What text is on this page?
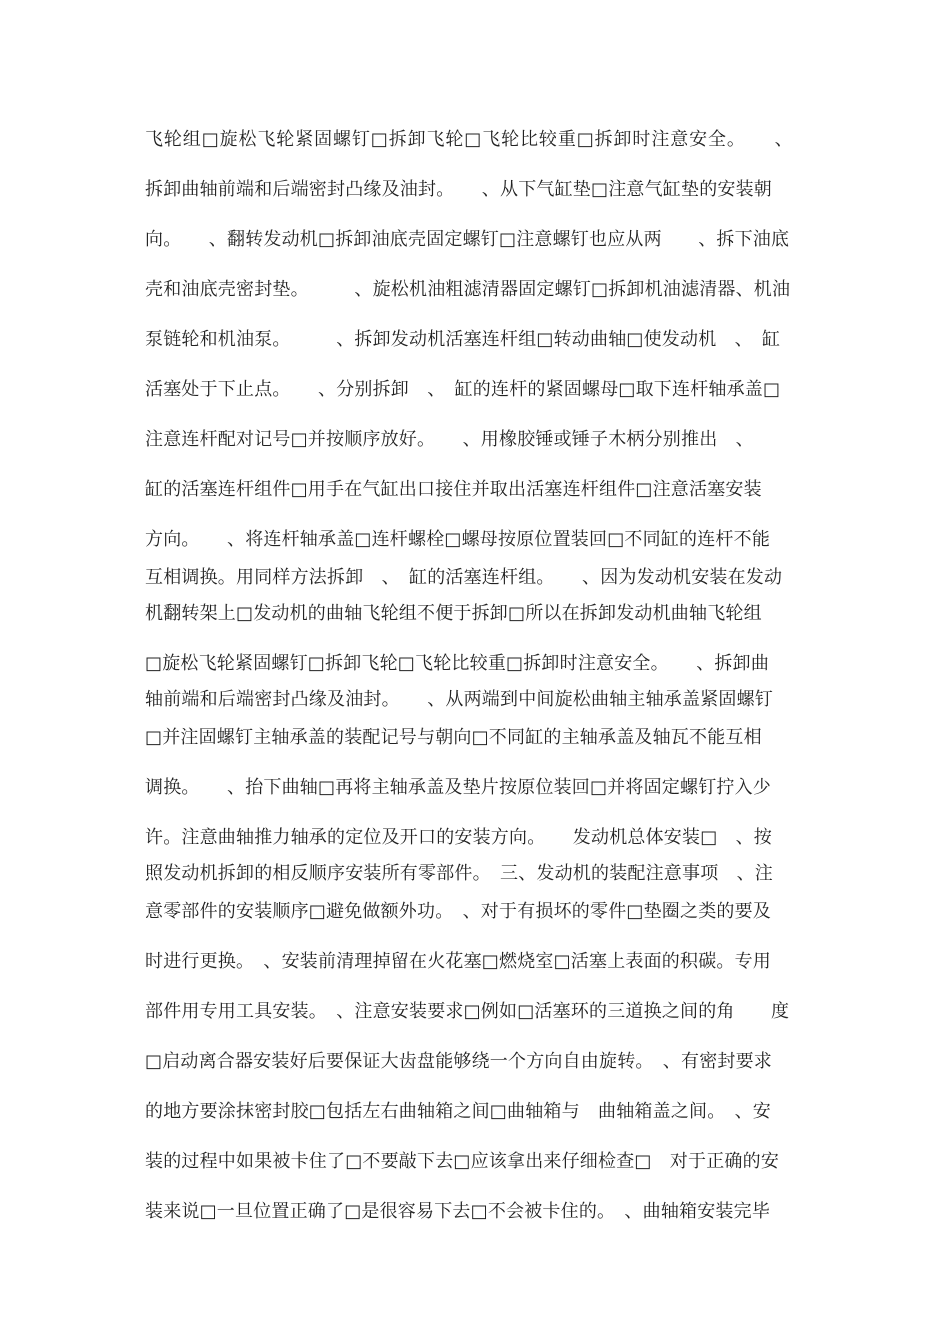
飞轮组□旋松飞轮紧固螺钉□拆卸飞轮□飞轮比较重□拆卸时注意安全。　　、
拆卸曲轴前端和后端密封凸缘及油封。　　、从下气缸垫□注意气缸垫的安装朝
向。　　、翻转发动机□拆卸油底壳固定螺钉□注意螺钉也应从两　　、拆下油底
壳和油底壳密封垫。　　　、旋松机油粗滤清器固定螺钉□拆卸机油滤清器、机油
泵链轮和机油泵。　　　、拆卸发动机活塞连杆组□转动曲轴□使发动机　、　缸
活塞处于下止点。　　、分别拆卸　、　缸的连杆的紧固螺母□取下连杆轴承盖□
注意连杆配对记号□并按顺序放好。　　、用橡胶锤或锤子木柄分别推出　、
缸的活塞连杆组件□用手在气缸出口接住并取出活塞连杆组件□注意活塞安装
方向。　　、将连杆轴承盖□连杆螺栓□螺母按原位置装回□不同缸的连杆不能
互相调换。用同样方法拆卸　、　缸的活塞连杆组。　　、因为发动机安装在发动
机翻转架上□发动机的曲轴飞轮组不便于拆卸□所以在拆卸发动机曲轴飞轮组
□旋松飞轮紧固螺钉□拆卸飞轮□飞轮比较重□拆卸时注意安全。　　、拆卸曲
轴前端和后端密封凸缘及油封。　　、从两端到中间旋松曲轴主轴承盖紧固螺钉
□并注固螺钉主轴承盖的装配记号与朝向□不同缸的主轴承盖及轴瓦不能互相
调换。　　、抬下曲轴□再将主轴承盖及垫片按原位装回□并将固定螺钉拧入少
许。注意曲轴推力轴承的定位及开口的安装方向。　　发动机总体安装□　、按
照发动机拆卸的相反顺序安装所有零部件。　三、发动机的装配注意事项　、注
意零部件的安装顺序□避免做额外功。　、对于有损坏的零件□垫圈之类的要及
时进行更换。　、安装前清理掉留在火花塞□燃烧室□活塞上表面的积碳。专用
部件用专用工具安装。　、注意安装要求□例如□活塞环的三道换之间的角　　度
□启动离合器安装好后要保证大齿盘能够绕一个方向自由旋转。　、有密封要求
的地方要涂抹密封胶□包括左右曲轴箱之间□曲轴箱与　曲轴箱盖之间。　、安
装的过程中如果被卡住了□不要敲下去□应该拿出来仔细检查□　对于正确的安
装来说□一旦位置正确了□是很容易下去□不会被卡住的。　、曲轴箱安装完毕
